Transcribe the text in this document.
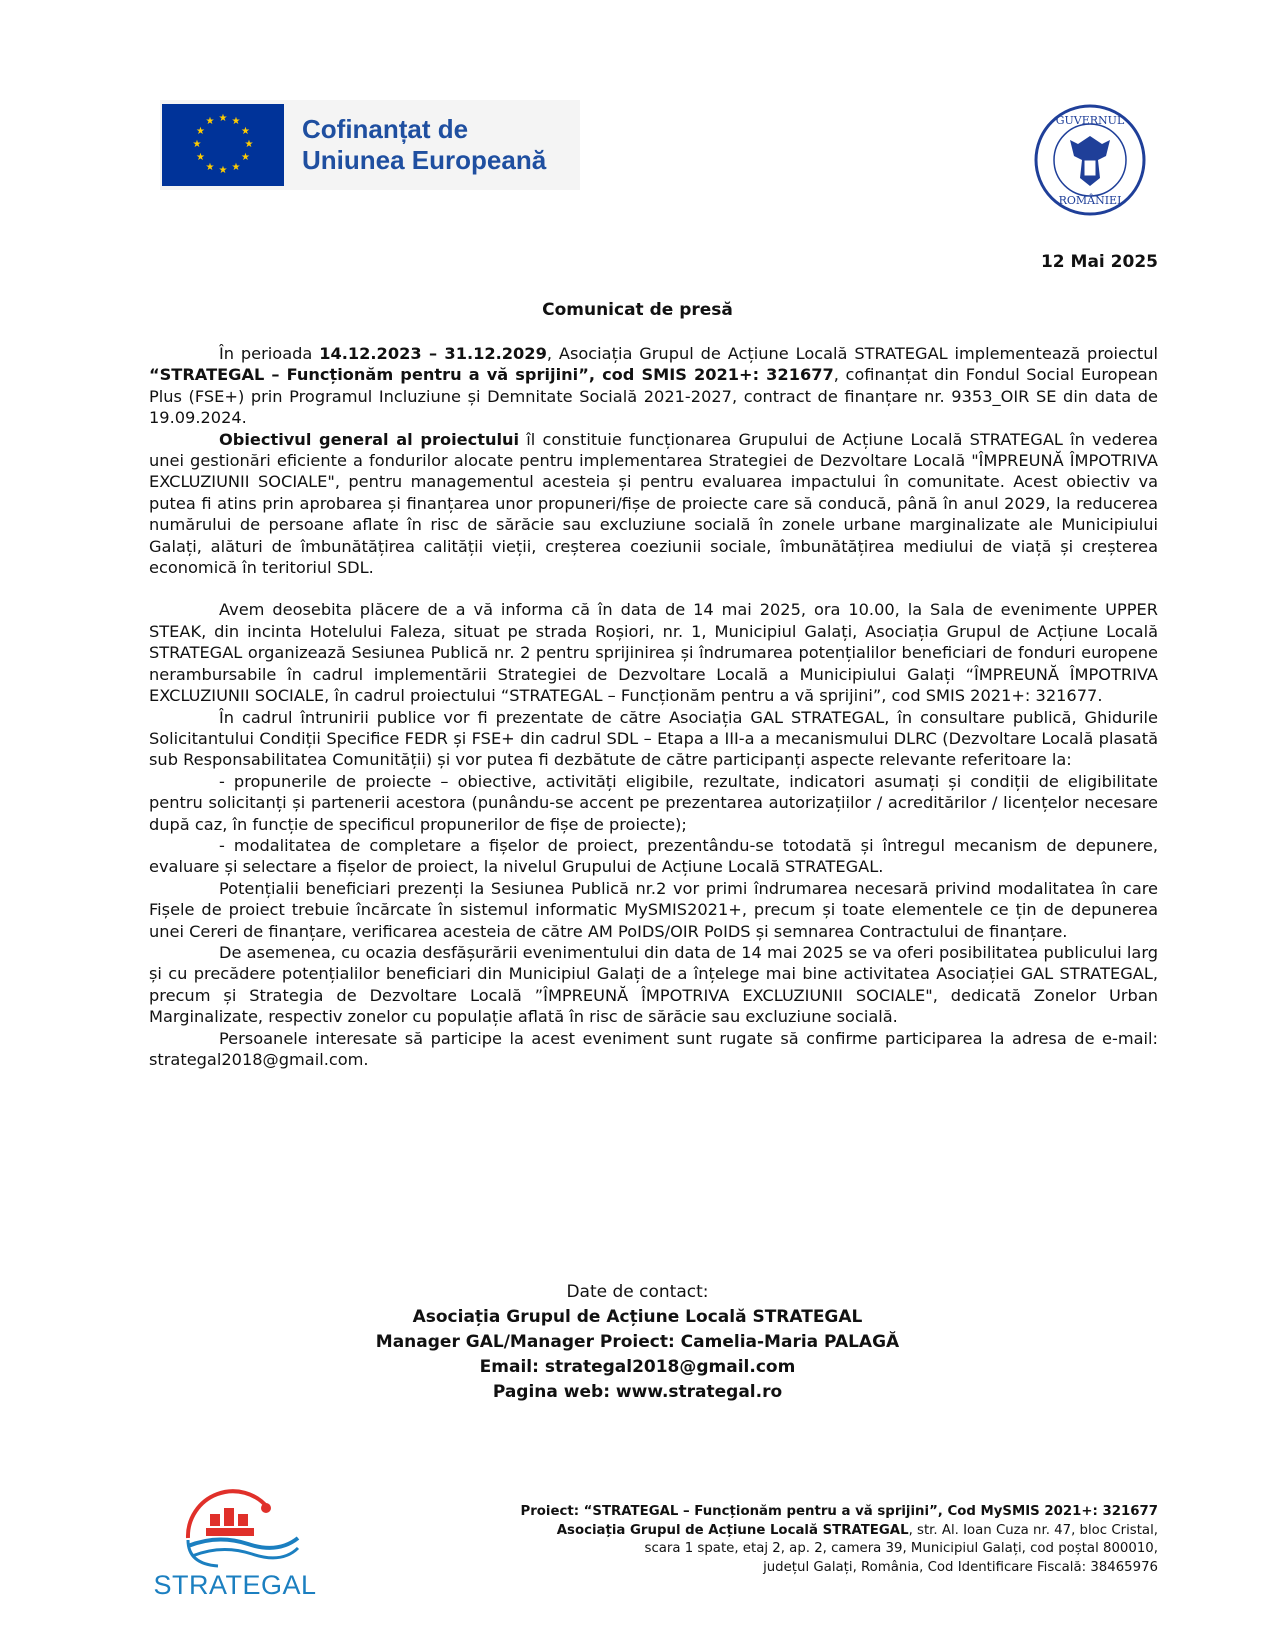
★ ★
★
★
★
★
★
★
★
★
★
★	Cofinanțat de
Uniunea Europeană
GUVERNUL
ROMÂNIEI
12 Mai 2025
Comunicat de presă

În perioada 14.12.2023 – 31.12.2029, Asociația Grupul de Acțiune Locală STRATEGAL implementează proiectul “STRATEGAL – Funcționăm pentru a vă sprijini”, cod SMIS 2021+: 321677, cofinanțat din Fondul Social European Plus (FSE+) prin Programul Incluziune și Demnitate Socială 2021-2027, contract de finanțare nr. 9353_OIR SE din data de 19.09.2024.

Obiectivul general al proiectului îl constituie funcționarea Grupului de Acțiune Locală STRATEGAL în vederea unei gestionări eficiente a fondurilor alocate pentru implementarea Strategiei de Dezvoltare Locală "ÎMPREUNĂ ÎMPOTRIVA EXCLUZIUNII SOCIALE", pentru managementul acesteia și pentru evaluarea impactului în comunitate. Acest obiectiv va putea fi atins prin aprobarea și finanțarea unor propuneri/fișe de proiecte care să conducă, până în anul 2029, la reducerea numărului de persoane aflate în risc de sărăcie sau excluziune socială în zonele urbane marginalizate ale Municipiului Galați, alături de îmbunătățirea calității vieții, creșterea coeziunii sociale, îmbunătățirea mediului de viață și creșterea economică în teritoriul SDL.

Avem deosebita plăcere de a vă informa că în data de 14 mai 2025, ora 10.00, la Sala de evenimente UPPER STEAK, din incinta Hotelului Faleza, situat pe strada Roșiori, nr. 1, Municipiul Galați, Asociația Grupul de Acțiune Locală STRATEGAL organizează Sesiunea Publică nr. 2 pentru sprijinirea și îndrumarea potențialilor beneficiari de fonduri europene nerambursabile în cadrul implementării Strategiei de Dezvoltare Locală a Municipiului Galați “ÎMPREUNĂ ÎMPOTRIVA EXCLUZIUNII SOCIALE, în cadrul proiectului “STRATEGAL – Funcționăm pentru a vă sprijini”, cod SMIS 2021+: 321677.

În cadrul întrunirii publice vor fi prezentate de către Asociația GAL STRATEGAL, în consultare publică, Ghidurile Solicitantului Condiții Specifice FEDR și FSE+ din cadrul SDL – Etapa a III-a a mecanismului DLRC (Dezvoltare Locală plasată sub Responsabilitatea Comunității) și vor putea fi dezbătute de către participanți aspecte relevante referitoare la:

- propunerile de proiecte – obiective, activități eligibile, rezultate, indicatori asumați și condiții de eligibilitate pentru solicitanți și partenerii acestora (punându-se accent pe prezentarea autorizațiilor / acreditărilor / licențelor necesare după caz, în funcție de specificul propunerilor de fișe de proiecte);

- modalitatea de completare a fișelor de proiect, prezentându-se totodată și întregul mecanism de depunere, evaluare și selectare a fișelor de proiect, la nivelul Grupului de Acțiune Locală STRATEGAL.

Potențialii beneficiari prezenți la Sesiunea Publică nr.2 vor primi îndrumarea necesară privind modalitatea în care Fișele de proiect trebuie încărcate în sistemul informatic MySMIS2021+, precum și toate elementele ce țin de depunerea unei Cereri de finanțare, verificarea acesteia de către AM PoIDS/OIR PoIDS și semnarea Contractului de finanțare.

De asemenea, cu ocazia desfășurării evenimentului din data de 14 mai 2025 se va oferi posibilitatea publicului larg și cu precădere potențialilor beneficiari din Municipiul Galați de a înțelege mai bine activitatea Asociației GAL STRATEGAL, precum și Strategia de Dezvoltare Locală ”ÎMPREUNĂ ÎMPOTRIVA EXCLUZIUNII SOCIALE", dedicată Zonelor Urban Marginalizate, respectiv zonelor cu populație aflată în risc de sărăcie sau excluziune socială.

Persoanele interesate să participe la acest eveniment sunt rugate să confirme participarea la adresa de e-mail: strategal2018@gmail.com.

Date de contact:
Asociația Grupul de Acțiune Locală STRATEGAL
Manager GAL/Manager Proiect: Camelia-Maria PALAGĂ
Email: strategal2018@gmail.com
Pagina web: www.strategal.ro
STRATEGAL
Proiect: “STRATEGAL – Funcționăm pentru a vă sprijini”, Cod MySMIS 2021+: 321677
Asociația Grupul de Acțiune Locală STRATEGAL, str. Al. Ioan Cuza nr. 47, bloc Cristal,
scara 1 spate, etaj 2, ap. 2, camera 39, Municipiul Galați, cod poștal 800010,
județul Galați, România, Cod Identificare Fiscală: 38465976
